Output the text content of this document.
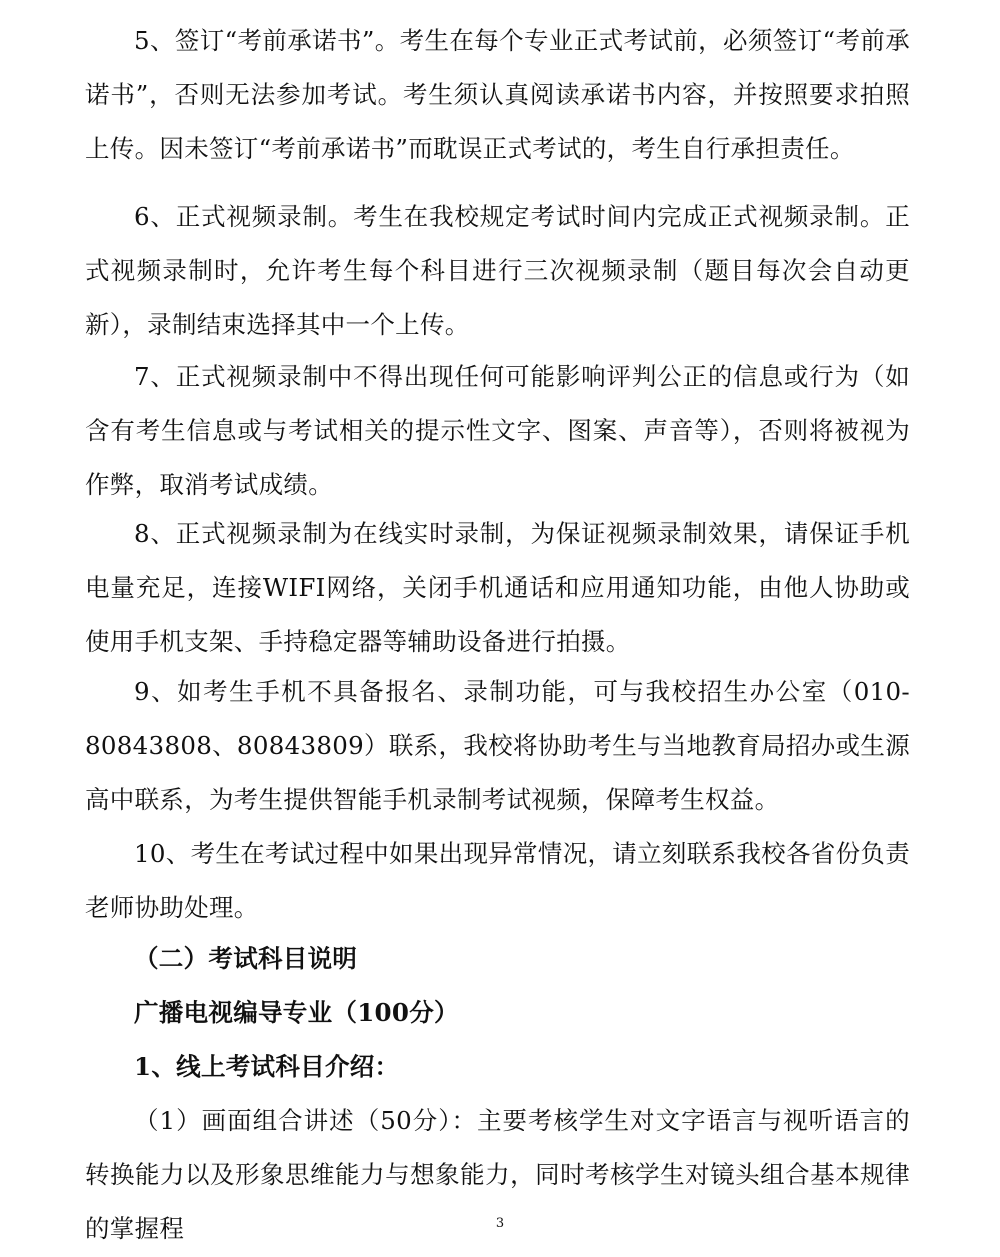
5、签订“考前承诺书”。考生在每个专业正式考试前，必须签订“考前承诺书”，否则无法参加考试。考生须认真阅读承诺书内容，并按照要求拍照上传。因未签订“考前承诺书”而耽误正式考试的，考生自行承担责任。

6、正式视频录制。考生在我校规定考试时间内完成正式视频录制。正式视频录制时，允许考生每个科目进行三次视频录制（题目每次会自动更新），录制结束选择其中一个上传。

7、正式视频录制中不得出现任何可能影响评判公正的信息或行为（如含有考生信息或与考试相关的提示性文字、图案、声音等），否则将被视为作弊，取消考试成绩。

8、正式视频录制为在线实时录制，为保证视频录制效果，请保证手机电量充足，连接WIFI网络，关闭手机通话和应用通知功能，由他人协助或使用手机支架、手持稳定器等辅助设备进行拍摄。

9、如考生手机不具备报名、录制功能，可与我校招生办公室（010-80843808、80843809）联系，我校将协助考生与当地教育局招办或生源高中联系，为考生提供智能手机录制考试视频，保障考生权益。

10、考生在考试过程中如果出现异常情况，请立刻联系我校各省份负责老师协助处理。

（二）考试科目说明

广播电视编导专业（100分）

1、线上考试科目介绍：

（1）画面组合讲述（50分）：主要考核学生对文字语言与视听语言的转换能力以及形象思维能力与想象能力，同时考核学生对镜头组合基本规律的掌握程	3
